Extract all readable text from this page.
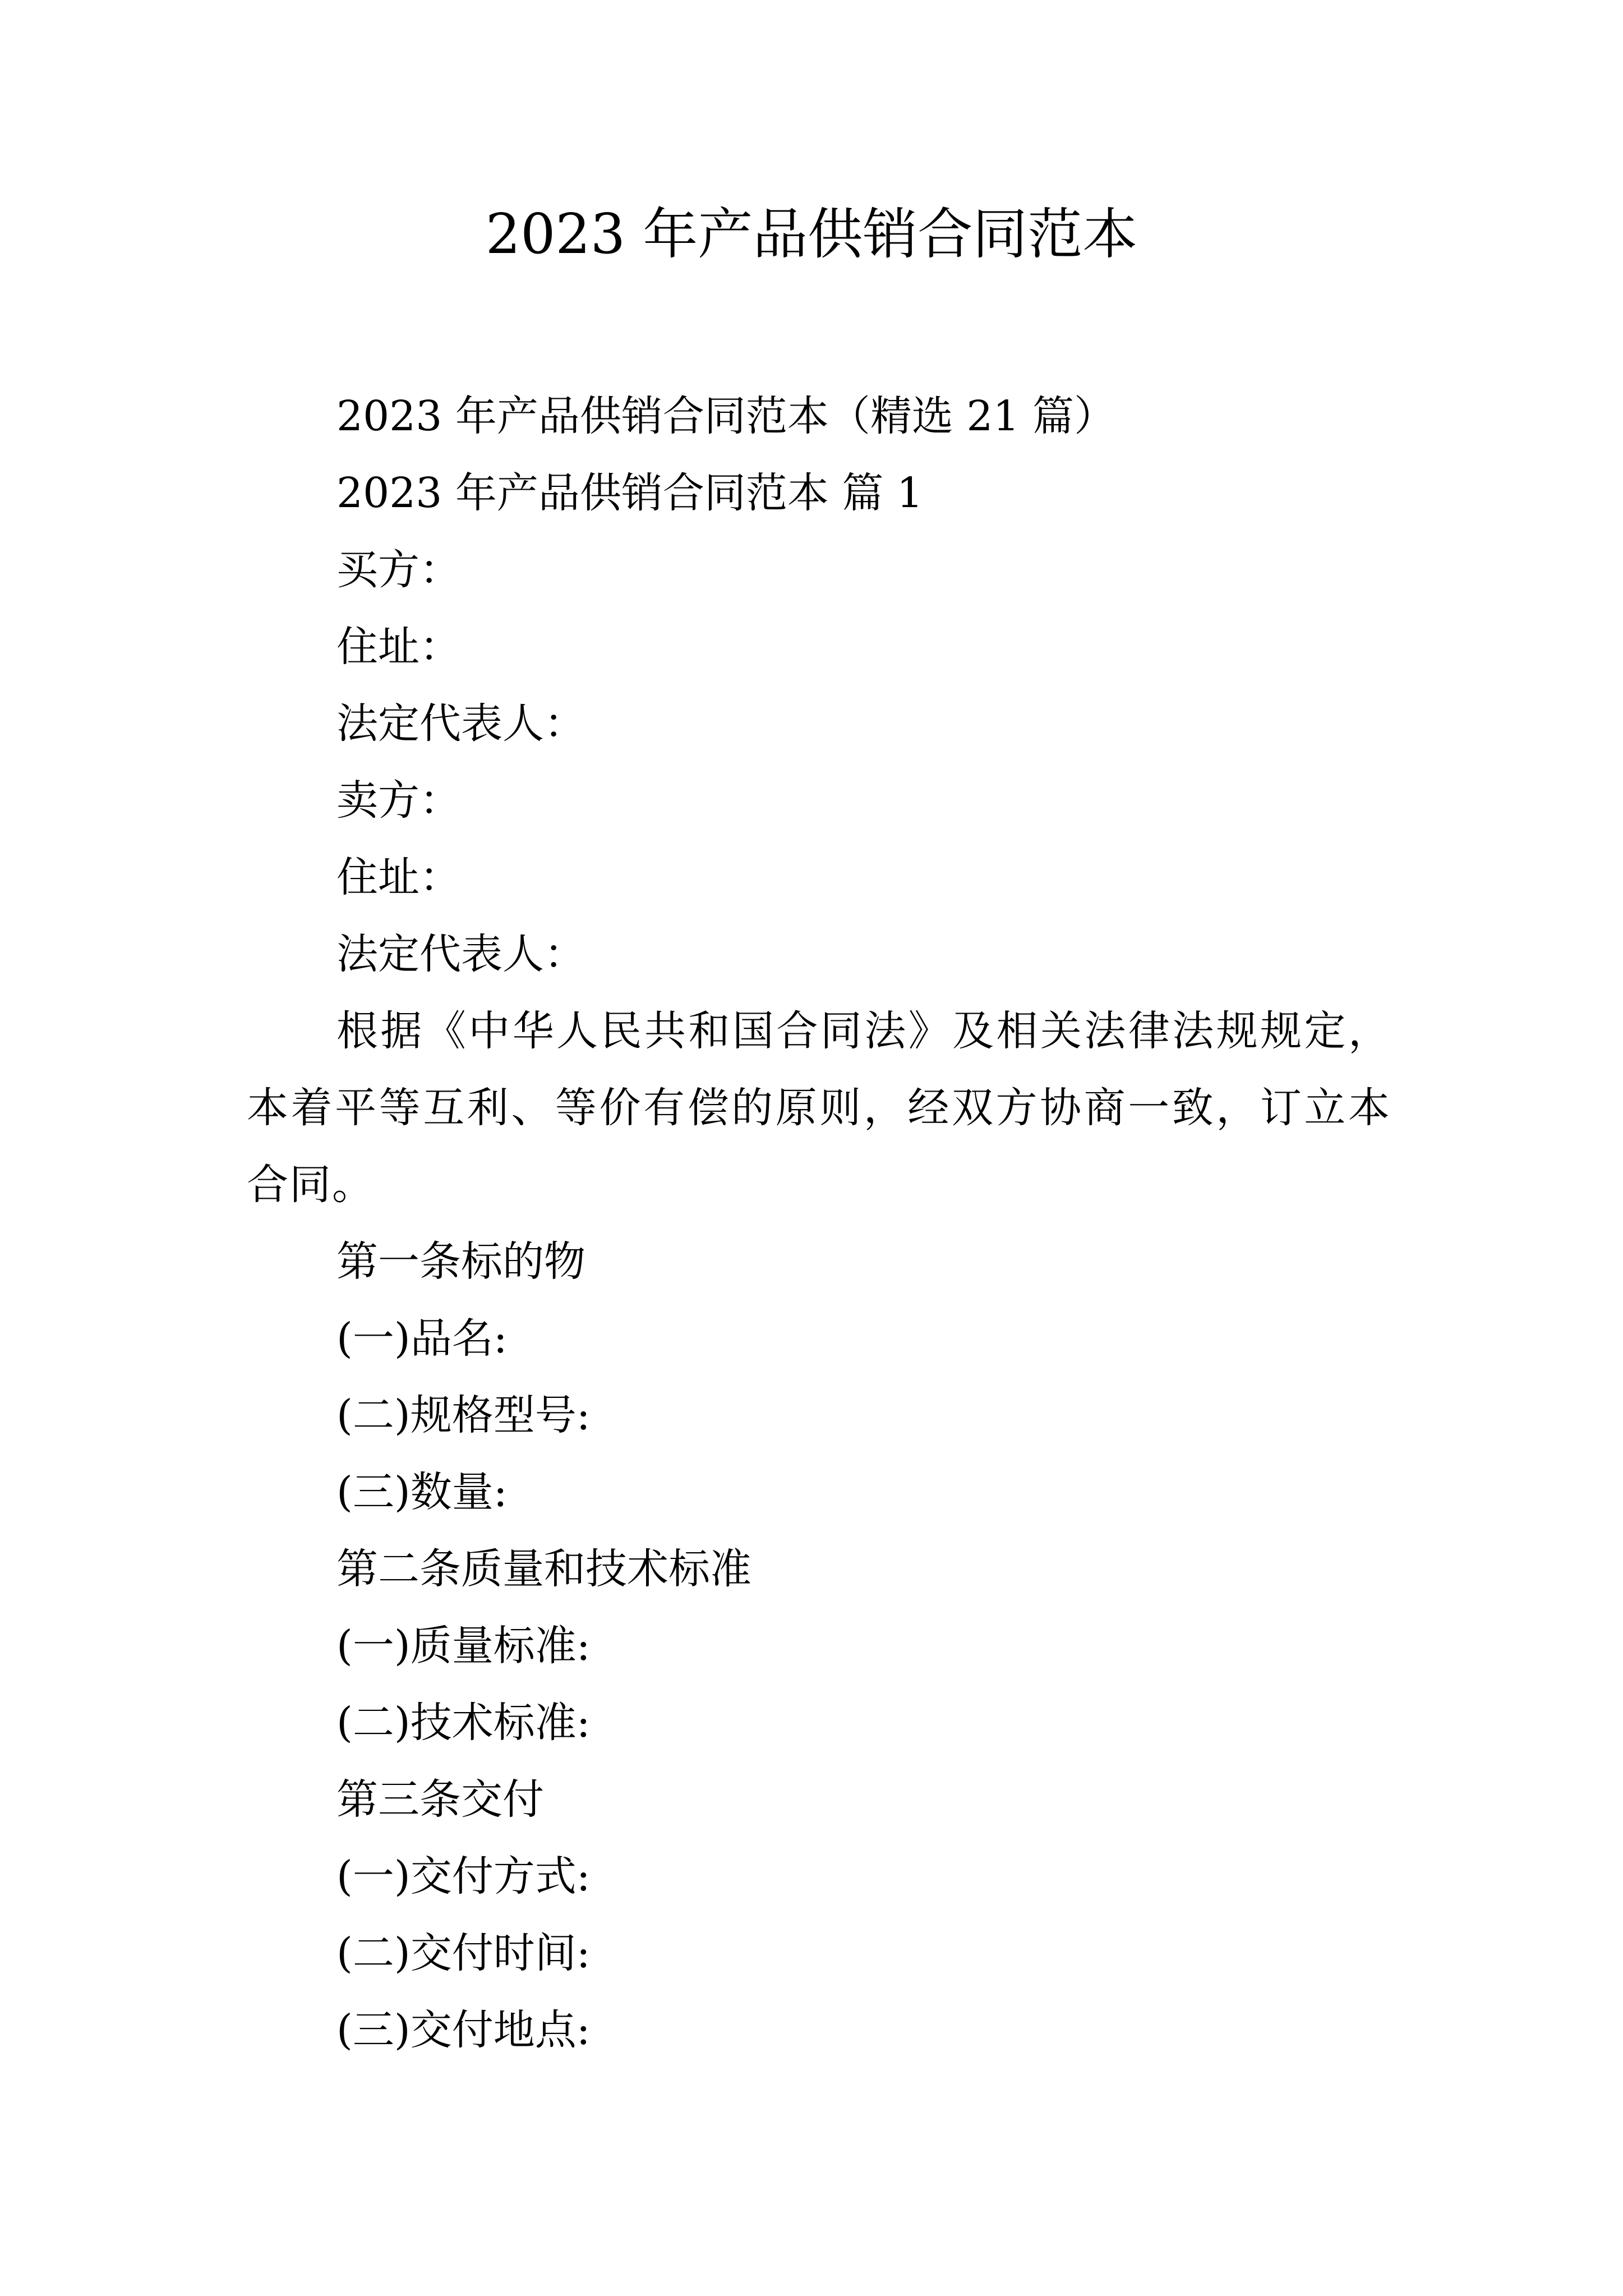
2023 年产品供销合同范本
2023 年产品供销合同范本（精选 21 篇）
2023 年产品供销合同范本 篇 1
买方：
住址：
法定代表人：
卖方：
住址：
法定代表人：
根据《中华人民共和国合同法》及相关法律法规规定，本着平等互利、等价有偿的原则，经双方协商一致，订立本合同。
第一条标的物
(一)品名:
(二)规格型号:
(三)数量:
第二条质量和技术标准
(一)质量标准:
(二)技术标准:
第三条交付
(一)交付方式:
(二)交付时间:
(三)交付地点:
